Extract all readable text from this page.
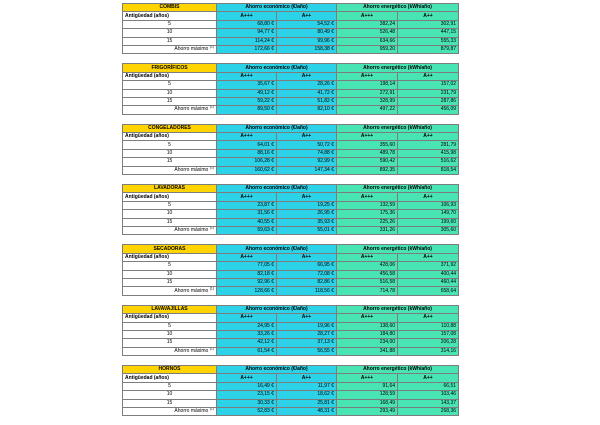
COMBIS	Ahorro económico (€/año)		Ahorro energético (kWh/año)	
Antigüedad (años)	A+++	A++	A+++	A++
5	68,80 €	54,52 €	382,24	302,91
10	94,77 €	80,49 €	526,48	447,15
15	114,24 €	99,96 €	634,66	555,33
Ahorro máximo $^{(1)}$	172,66 €	158,38 €	959,20	879,87
FRIGORÍFICOS	Ahorro económico (€/año)		Ahorro energético (kWh/año)	
Antigüedad (años)	A+++	A++	A+++	A++
5	35,67 €	28,26 €	198,14	157,02
10	49,12 €	41,72 €	272,91	231,79
15	59,22 €	51,82 €	328,99	287,86
Ahorro máximo $^{(1)}$	89,50 €	82,10 €	497,22	456,09
CONGELADORES	Ahorro económico (€/año)		Ahorro energético (kWh/año)	
Antigüedad (años)	A+++	A++	A+++	A++
5	64,01 €	50,72 €	355,60	281,79
10	88,16 €	74,88 €	489,78	415,98
15	106,28 €	92,99 €	590,42	516,62
Ahorro máximo $^{(1)}$	160,62 €	147,34 €	892,35	818,54
LAVADORAS	Ahorro económico (€/año)		Ahorro energético (kWh/año)	
Antigüedad (años)	A+++	A++	A+++	A++
5	23,87 €	19,25 €	132,59	106,93
10	31,56 €	26,95 €	175,36	149,70
15	40,55 €	35,93 €	225,26	199,60
Ahorro máximo $^{(1)}$	59,63 €	55,01 €	331,26	305,60
SECADORAS	Ahorro económico (€/año)		Ahorro energético (kWh/año)	
Antigüedad (años)	A+++	A++	A+++	A++
5	77,05 €	66,95 €	428,06	371,92
10	82,18 €	72,08 €	456,58	400,44
15	92,96 €	82,86 €	516,58	460,44
Ahorro máximo $^{(1)}$	128,66 €	118,56 €	714,78	658,64
LAVAVAJILLAS	Ahorro económico (€/año)		Ahorro energético (kWh/año)	
Antigüedad (años)	A+++	A++	A+++	A++
5	24,95 €	19,96 €	138,60	110,88
10	33,26 €	28,27 €	184,80	157,08
15	42,12 €	37,13 €	234,00	206,28
Ahorro máximo $^{(1)}$	61,54 €	56,55 €	341,88	314,16
HORNOS	Ahorro económico (€/año)		Ahorro energético (kWh/año)	
Antigüedad (años)	A+++	A++	A+++	A++
5	16,49 €	11,97 €	91,64	66,51
10	23,15 €	18,62 €	128,59	103,46
15	30,33 €	25,81 €	168,49	143,37
Ahorro máximo $^{(1)}$	52,83 €	48,31 €	293,49	268,36
